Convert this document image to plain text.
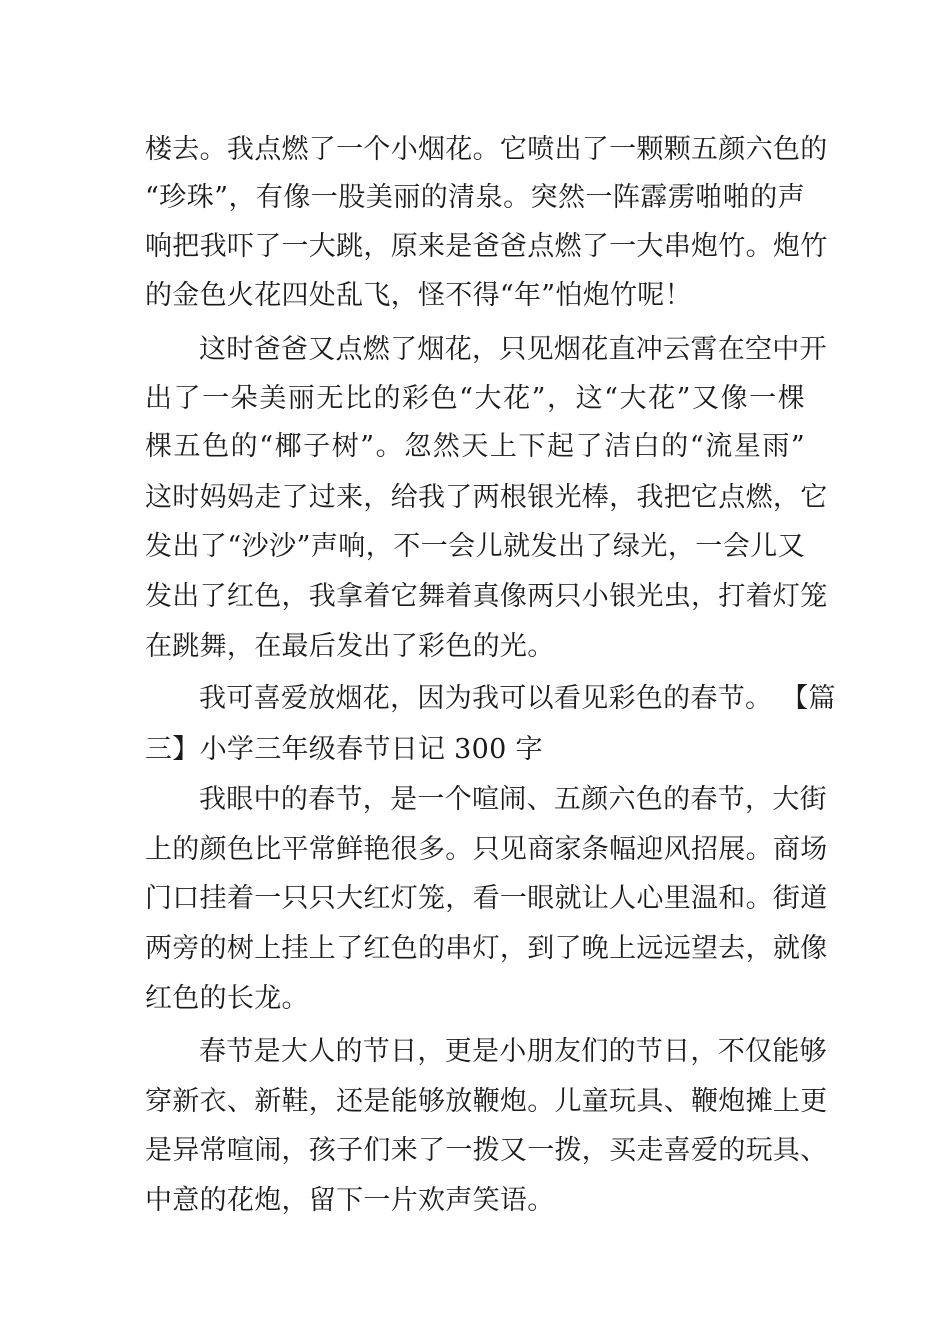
楼去。我点燃了一个小烟花。它喷出了一颗颗五颜六色的
“珍珠”，有像一股美丽的清泉。突然一阵霹雳啪啪的声
响把我吓了一大跳，原来是爸爸点燃了一大串炮竹。炮竹
的金色火花四处乱飞，怪不得“年”怕炮竹呢！
这时爸爸又点燃了烟花，只见烟花直冲云霄在空中开
出了一朵美丽无比的彩色“大花”，这“大花”又像一棵
棵五色的“椰子树”。忽然天上下起了洁白的“流星雨”
这时妈妈走了过来，给我了两根银光棒，我把它点燃，它
发出了“沙沙”声响，不一会儿就发出了绿光，一会儿又
发出了红色，我拿着它舞着真像两只小银光虫，打着灯笼
在跳舞，在最后发出了彩色的光。
我可喜爱放烟花，因为我可以看见彩色的春节。 【篇
三】小学三年级春节日记 300 字
我眼中的春节，是一个喧闹、五颜六色的春节，大街
上的颜色比平常鲜艳很多。只见商家条幅迎风招展。商场
门口挂着一只只大红灯笼，看一眼就让人心里温和。街道
两旁的树上挂上了红色的串灯，到了晚上远远望去，就像
红色的长龙。
春节是大人的节日，更是小朋友们的节日，不仅能够
穿新衣、新鞋，还是能够放鞭炮。儿童玩具、鞭炮摊上更
是异常喧闹，孩子们来了一拨又一拨，买走喜爱的玩具、
中意的花炮，留下一片欢声笑语。
